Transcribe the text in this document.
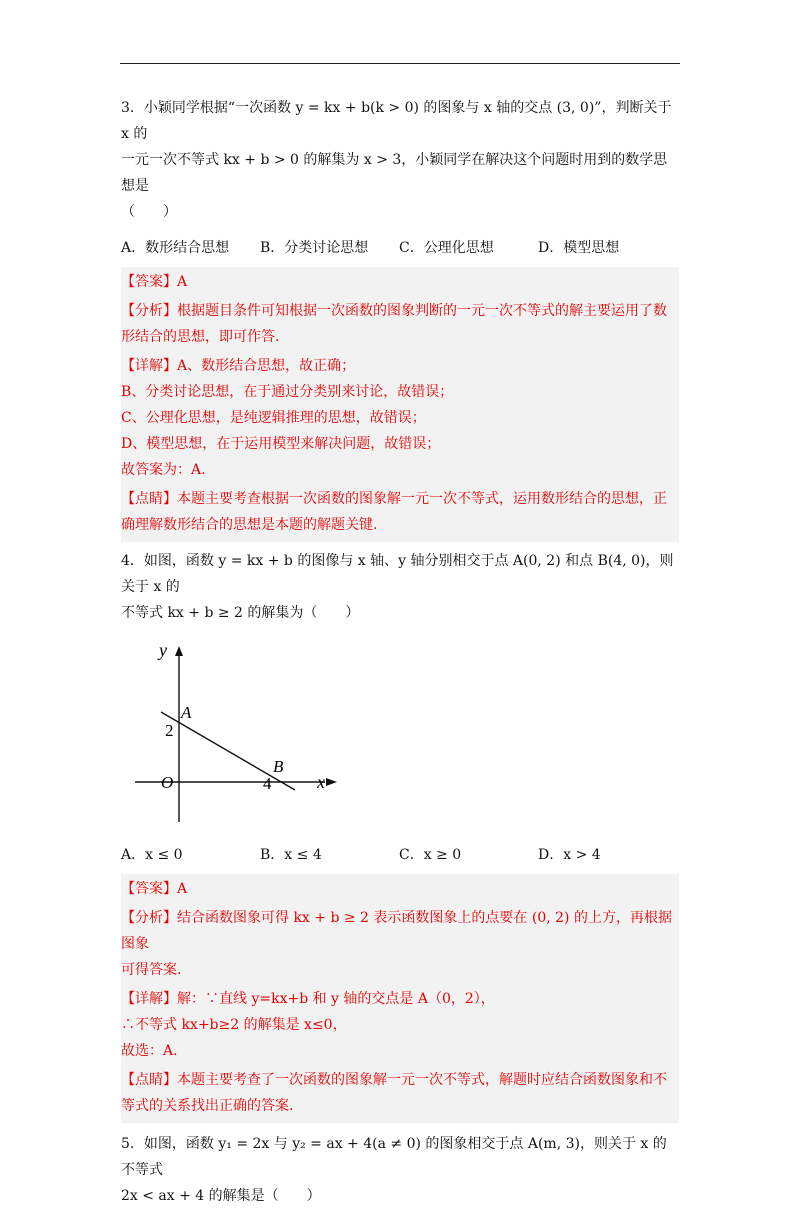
3．小颖同学根据“一次函数 y = kx + b(k > 0) 的图象与 x 轴的交点 (3, 0)”，判断关于 x 的

一元一次不等式 kx + b > 0 的解集为 x > 3，小颖同学在解决这个问题时用到的数学思想是

（　　）

A．数形结合思想	B．分类讨论思想	C．公理化思想	D．模型思想

【答案】A

【分析】根据题目条件可知根据一次函数的图象判断的一元一次不等式的解主要运用了数

形结合的思想，即可作答.

【详解】A、数形结合思想，故正确；

B、分类讨论思想，在于通过分类别来讨论，故错误；

C、公理化思想，是纯逻辑推理的思想，故错误；

D、模型思想，在于运用模型来解决问题，故错误；

故答案为：A.

【点睛】本题主要考查根据一次函数的图象解一元一次不等式，运用数形结合的思想，正

确理解数形结合的思想是本题的解题关键.

4．如图，函数 y = kx + b 的图像与 x 轴、y 轴分别相交于点 A(0, 2) 和点 B(4, 0)，则关于 x 的

不等式 kx + b ≥ 2 的解集为（　　）

y
x
O
A
2
B
4
A．x ≤ 0	B．x ≤ 4	C．x ≥ 0	D．x > 4

【答案】A

【分析】结合函数图象可得 kx + b ≥ 2 表示函数图象上的点要在 (0, 2) 的上方，再根据图象

可得答案.

【详解】解：∵直线 y=kx+b 和 y 轴的交点是 A（0，2），

∴不等式 kx+b≥2 的解集是 x≤0，

故选：A.

【点睛】本题主要考查了一次函数的图象解一元一次不等式，解题时应结合函数图象和不

等式的关系找出正确的答案.

5．如图，函数 y₁ = 2x 与 y₂ = ax + 4(a ≠ 0) 的图象相交于点 A(m, 3)，则关于 x 的不等式

2x < ax + 4 的解集是（　　）
